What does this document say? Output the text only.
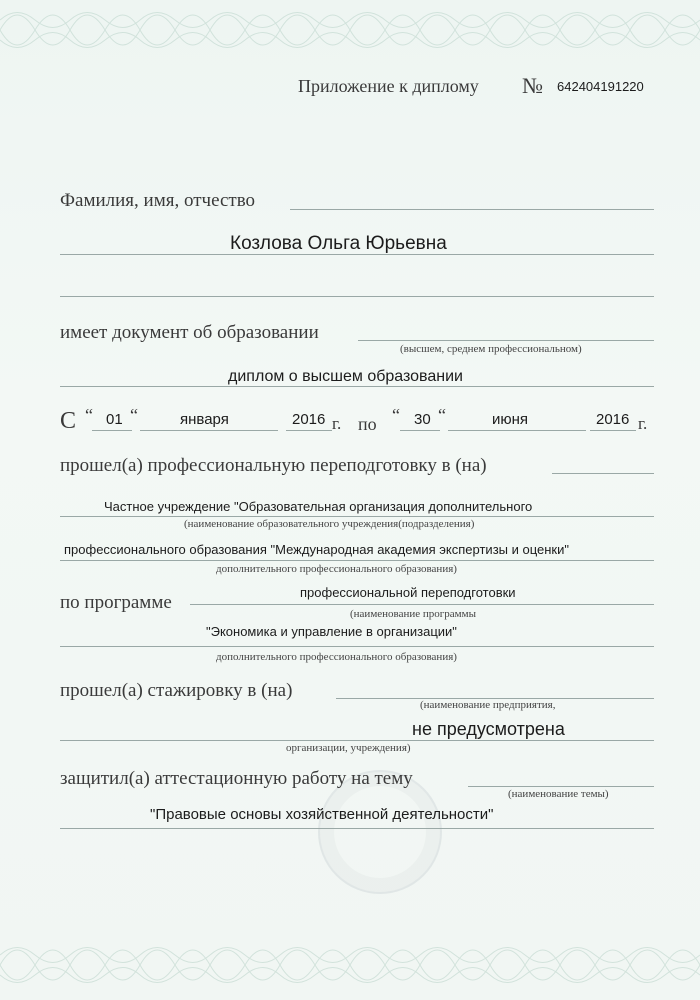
Приложение к диплому № 642404191220
Фамилия, имя, отчество
Козлова Ольга Юрьевна
имеет документ об образовании
(высшем, среднем профессиональном)
диплом о высшем образовании
С “ 01 “	января	2016 г. по “ 30 “	июня	2016 г.
прошел(а) профессиональную переподготовку в (на)
Частное учреждение "Образовательная организация дополнительного
(наименование образовательного учреждения(подразделения)
профессионального образования "Международная академия экспертизы и оценки"
дополнительного профессионального образования)
по программе	профессиональной переподготовки
(наименование программы
"Экономика и управление в организации"
дополнительного профессионального образования)
прошел(а) стажировку в (на)
(наименование предприятия,
не предусмотрена
организации, учреждения)
защитил(а) аттестационную работу на тему
(наименование темы)
"Правовые основы хозяйственной деятельности"
